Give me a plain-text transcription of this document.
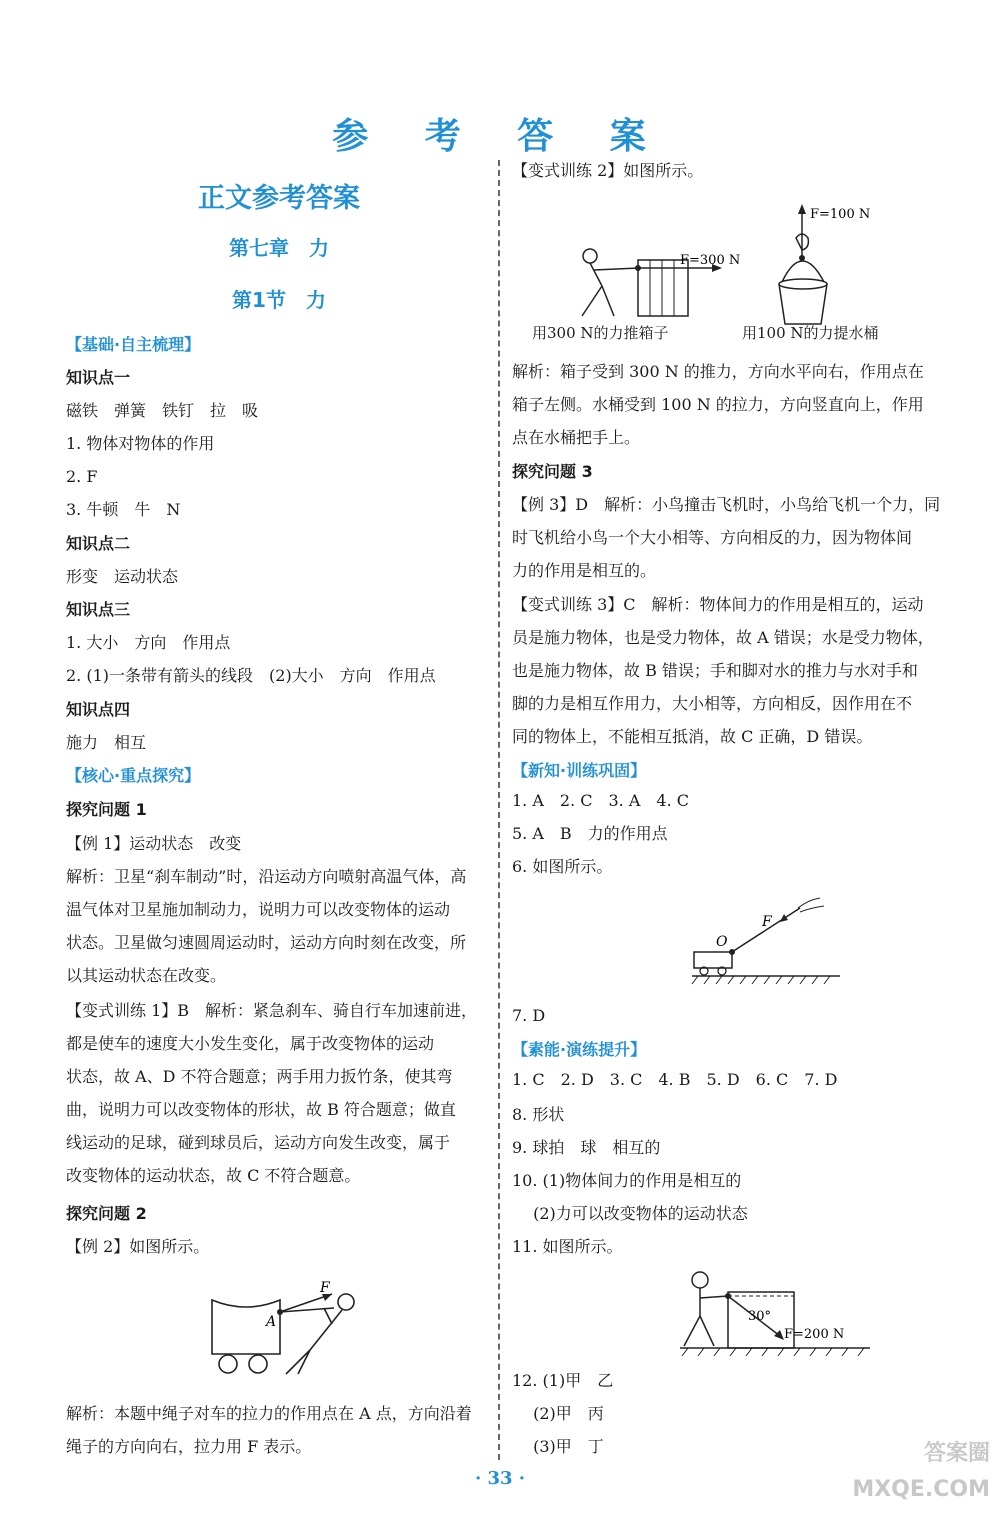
参 考 答 案
正文参考答案
第七章　力
第1节　力
A
F
【基础·自主梳理】
知识点一
磁铁　弹簧　铁钉　拉　吸
1. 物体对物体的作用
2. F
3. 牛顿　牛　N
知识点二
形变　运动状态
知识点三
1. 大小　方向　作用点
2. (1)一条带有箭头的线段　(2)大小　方向　作用点
知识点四
施力　相互
【核心·重点探究】
探究问题 1
【例 1】运动状态　改变
解析：卫星“刹车制动”时，沿运动方向喷射高温气体，高
温气体对卫星施加制动力，说明力可以改变物体的运动
状态。卫星做匀速圆周运动时，运动方向时刻在改变，所
以其运动状态在改变。
【变式训练 1】B　解析：紧急刹车、骑自行车加速前进，
都是使车的速度大小发生变化，属于改变物体的运动
状态，故 A、D 不符合题意；两手用力扳竹条，使其弯
曲，说明力可以改变物体的形状，故 B 符合题意；做直
线运动的足球，碰到球员后，运动方向发生改变，属于
改变物体的运动状态，故 C 不符合题意。
探究问题 2
【例 2】如图所示。
解析：本题中绳子对车的拉力的作用点在 A 点，方向沿着
绳子的方向向右，拉力用 F 表示。
F=300 N
F=100 N
O
F
30°
F=200 N
【变式训练 2】如图所示。
解析：箱子受到 300 N 的推力，方向水平向右，作用点在
箱子左侧。水桶受到 100 N 的拉力，方向竖直向上，作用
点在水桶把手上。
探究问题 3
【例 3】D　解析：小鸟撞击飞机时，小鸟给飞机一个力，同
时飞机给小鸟一个大小相等、方向相反的力，因为物体间
力的作用是相互的。
【变式训练 3】C　解析：物体间力的作用是相互的，运动
员是施力物体，也是受力物体，故 A 错误；水是受力物体，
也是施力物体，故 B 错误；手和脚对水的推力与水对手和
脚的力是相互作用力，大小相等，方向相反，因作用在不
同的物体上，不能相互抵消，故 C 正确，D 错误。
【新知·训练巩固】
1. A　2. C　3. A　4. C
5. A　B　力的作用点
6. 如图所示。
7. D
【素能·演练提升】
1. C　2. D　3. C　4. B　5. D　6. C　7. D
8. 形状
9. 球拍　球　相互的
10. (1)物体间力的作用是相互的
　 (2)力可以改变物体的运动状态
11. 如图所示。
12. (1)甲　乙
　 (2)甲　丙
　 (3)甲　丁
用300 N的力推箱子	用100 N的力提水桶
· 33 ·
答案圈 MXQE.COM
